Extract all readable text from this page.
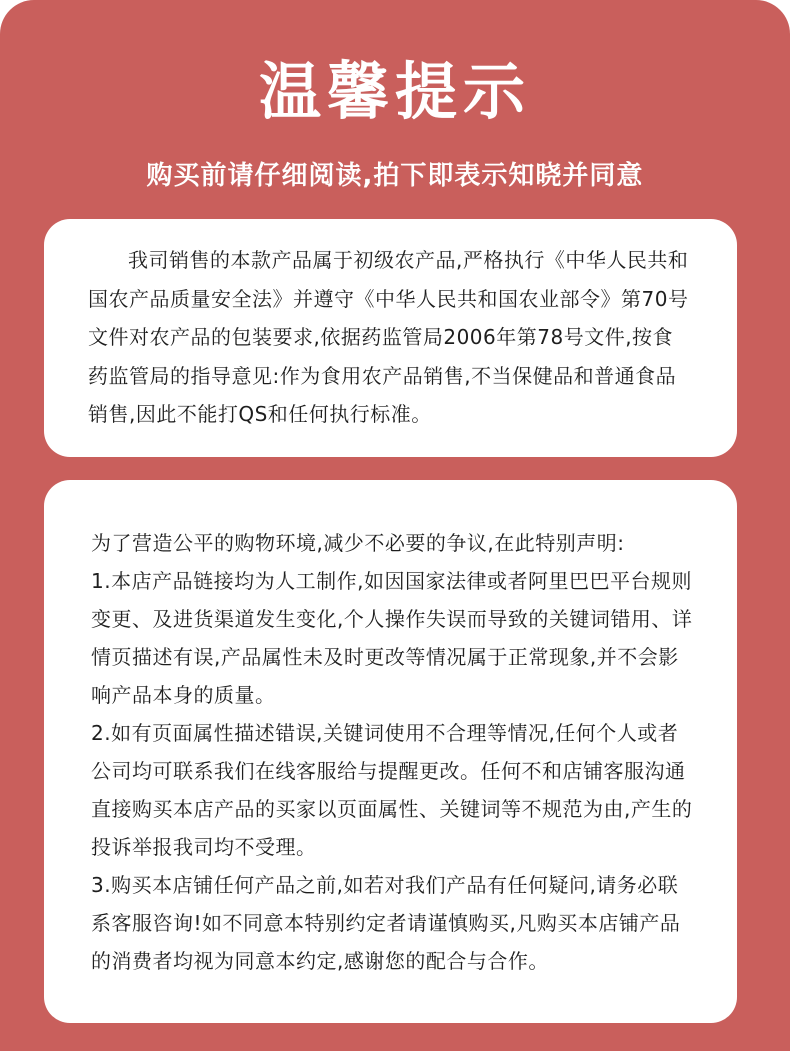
温馨提示
购买前请仔细阅读,拍下即表示知晓并同意

我司销售的本款产品属于初级农产品,严格执行《中华人民共和国农产品质量安全法》并遵守《中华人民共和国农业部令》第70号文件对农产品的包装要求,依据药监管局2006年第78号文件,按食药监管局的指导意见:作为食用农产品销售,不当保健品和普通食品销售,因此不能打QS和任何执行标准。

为了营造公平的购物环境,减少不必要的争议,在此特别声明:

1.本店产品链接均为人工制作,如因国家法律或者阿里巴巴平台规则变更、及进货渠道发生变化,个人操作失误而导致的关键词错用、详情页描述有误,产品属性未及时更改等情况属于正常现象,并不会影响产品本身的质量。

2.如有页面属性描述错误,关键词使用不合理等情况,任何个人或者公司均可联系我们在线客服给与提醒更改。任何不和店铺客服沟通直接购买本店产品的买家以页面属性、关键词等不规范为由,产生的投诉举报我司均不受理。

3.购买本店铺任何产品之前,如若对我们产品有任何疑问,请务必联系客服咨询!如不同意本特别约定者请谨慎购买,凡购买本店铺产品的消费者均视为同意本约定,感谢您的配合与合作。
